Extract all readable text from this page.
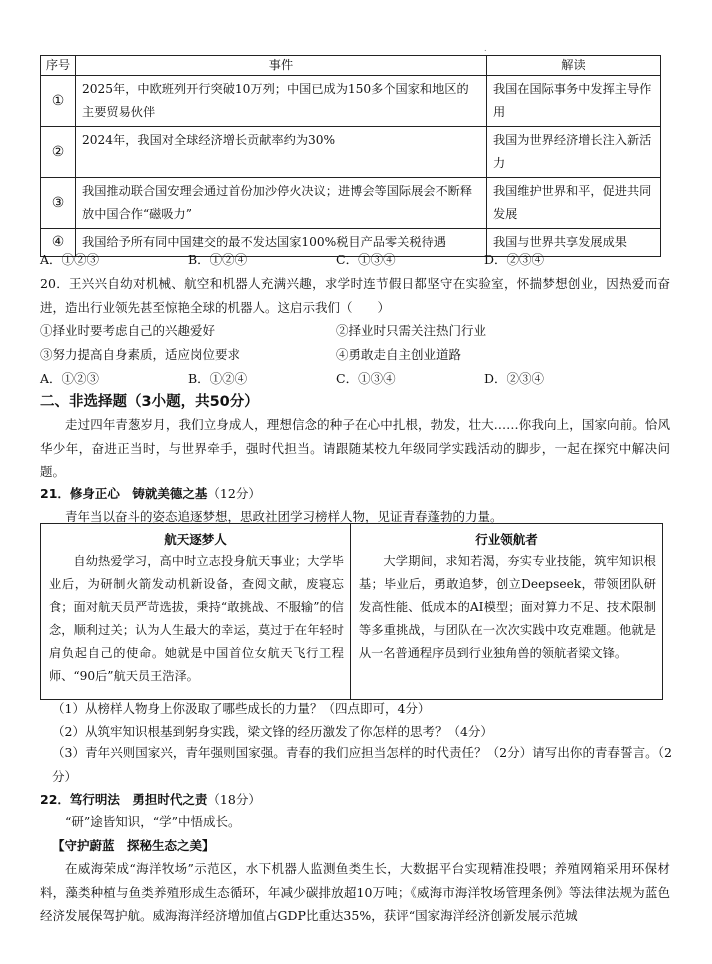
.
序号	事件	解读
①	2025年，中欧班列开行突破10万列；中国已成为150多个国家和地区的主要贸易伙伴	我国在国际事务中发挥主导作用
②	2024年，我国对全球经济增长贡献率约为30%	我国为世界经济增长注入新活力
③	我国推动联合国安理会通过首份加沙停火决议；进博会等国际展会不断释放中国合作“磁吸力”	我国维护世界和平，促进共同发展
④	我国给予所有同中国建交的最不发达国家100%税目产品零关税待遇	我国与世界共享发展成果
A．①②③	B．①②④	C．①③④	D．②③④
20．王兴兴自幼对机械、航空和机器人充满兴趣，求学时连节假日都坚守在实验室，怀揣梦想创业，因热爱而奋进，造出行业领先甚至惊艳全球的机器人。这启示我们（　　）
①择业时要考虑自己的兴趣爱好	②择业时只需关注热门行业
③努力提高自身素质，适应岗位要求	④勇敢走自主创业道路
A．①②③	B．①②④	C．①③④	D．②③④
二、非选择题（3小题，共50分）
走过四年青葱岁月，我们立身成人，理想信念的种子在心中扎根，勃发，壮大……你我向上，国家向前。恰风华少年，奋进正当时，与世界牵手，强时代担当。请跟随某校九年级同学实践活动的脚步，一起在探究中解决问题。
21．修身正心　铸就美德之基（12分）
青年当以奋斗的姿态追逐梦想，思政社团学习榜样人物，见证青春蓬勃的力量。
航天逐梦人
自幼热爱学习，高中时立志投身航天事业；大学毕业后，为研制火箭发动机新设备，查阅文献，废寝忘食；面对航天员严苛选拔，秉持“敢挑战、不服输”的信念，顺利过关；认为人生最大的幸运，莫过于在年轻时肩负起自己的使命。她就是中国首位女航天飞行工程师、“90后”航天员王浩泽。
行业领航者
大学期间，求知若渴，夯实专业技能，筑牢知识根基；毕业后，勇敢追梦，创立Deepseek，带领团队研发高性能、低成本的AI模型；面对算力不足、技术限制等多重挑战，与团队在一次次实践中攻克难题。他就是从一名普通程序员到行业独角兽的领航者梁文锋。
（1）从榜样人物身上你汲取了哪些成长的力量？（四点即可，4分）
（2）从筑牢知识根基到躬身实践，梁文锋的经历激发了你怎样的思考？（4分）
（3）青年兴则国家兴，青年强则国家强。青春的我们应担当怎样的时代责任？（2分）请写出你的青春誓言。（2分）
22．笃行明法　勇担时代之责（18分）
“研”途皆知识，“学”中悟成长。
【守护蔚蓝　探秘生态之美】
在威海荣成“海洋牧场”示范区，水下机器人监测鱼类生长，大数据平台实现精准投喂；养殖网箱采用环保材料，藻类种植与鱼类养殖形成生态循环，年减少碳排放超10万吨；《威海市海洋牧场管理条例》等法律法规为蓝色经济发展保驾护航。威海海洋经济增加值占GDP比重达35%，获评“国家海洋经济创新发展示范城
